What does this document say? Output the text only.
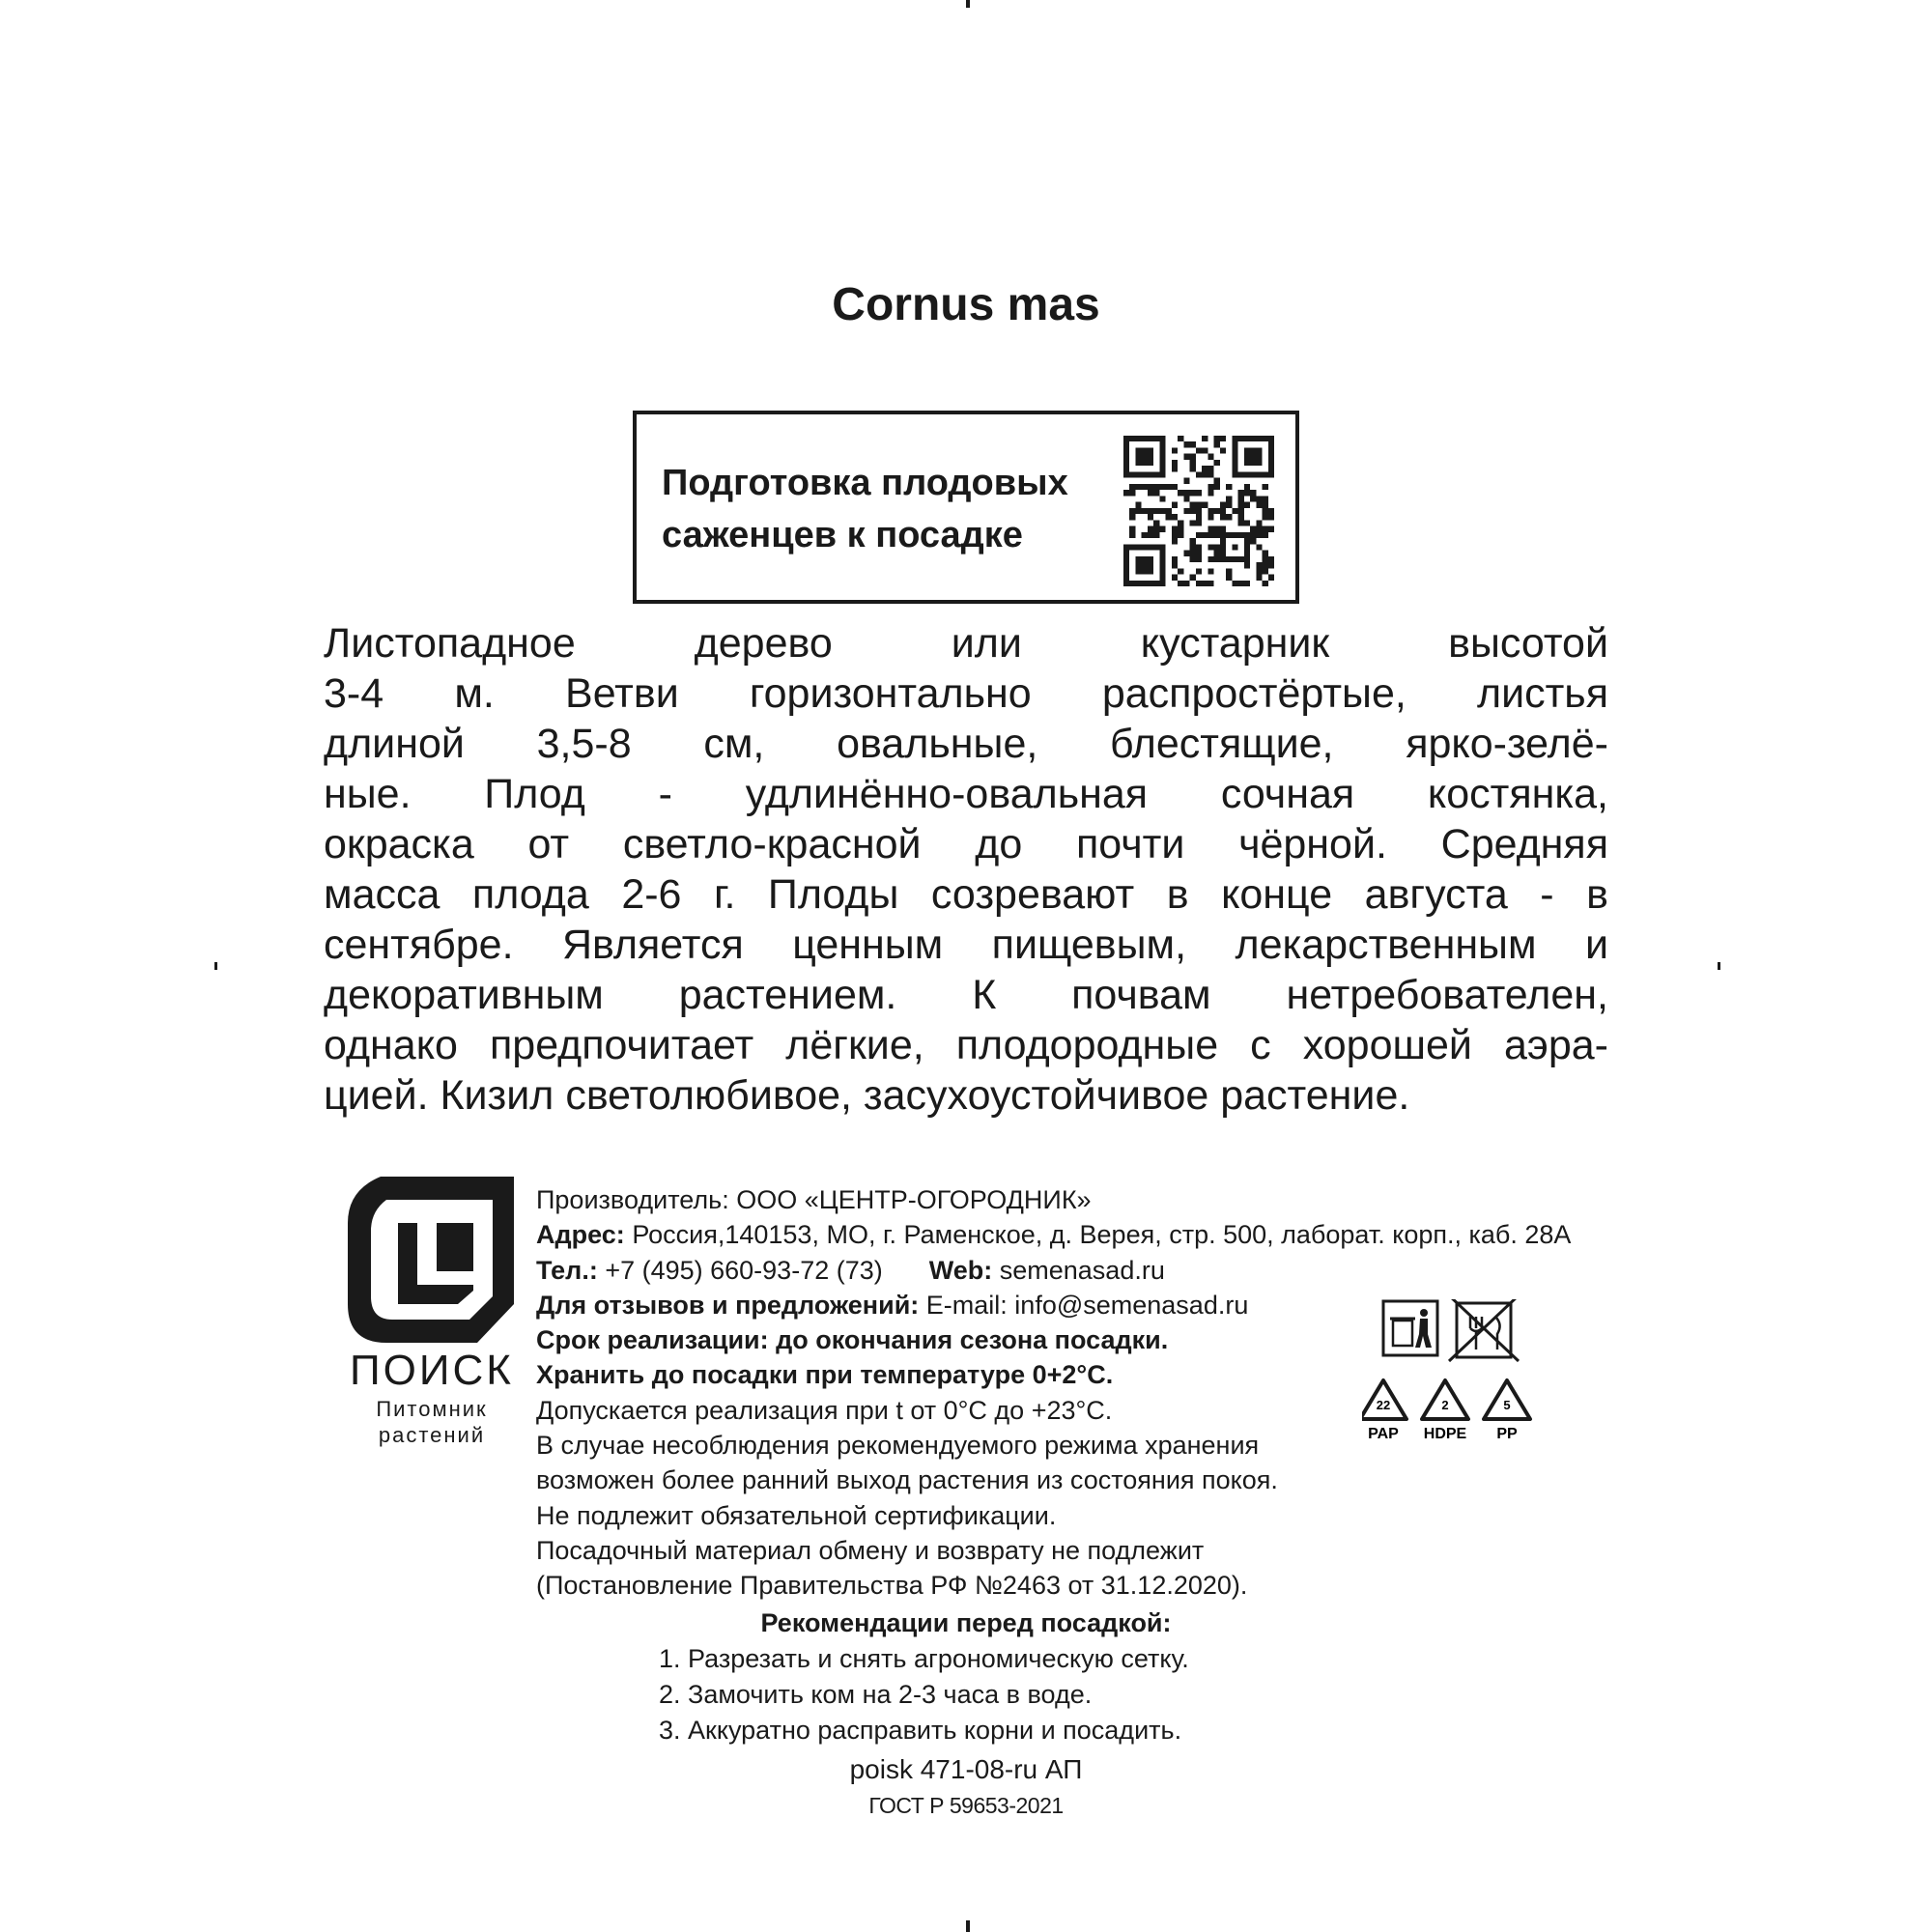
Cornus mas
Подготовка плодовых
саженцев к посадке
Листопадное дерево или кустарник высотой
3-4 м. Ветви горизонтально распростёртые, листья
длиной 3,5-8 см, овальные, блестящие, ярко-зелё-
ные. Плод - удлинённо-овальная сочная костянка,
окраска от светло-красной до почти чёрной. Средняя
масса плода 2-6 г. Плоды созревают в конце августа - в
сентябре. Является ценным пищевым, лекарственным и
декоративным растением. К почвам нетребователен,
однако предпочитает лёгкие, плодородные с хорошей аэра-
цией. Кизил светолюбивое, засухоустойчивое растение.
ПОИСК
Питомник
растений
Производитель: ООО «ЦЕНТР-ОГОРОДНИК»
Адрес: Россия,140153, МО, г. Раменское, д. Верея, стр. 500, лаборат. корп., каб. 28А
Тел.: +7 (495) 660-93-72 (73) Web: semenasad.ru
Для отзывов и предложений: E-mail: info@semenasad.ru
Срок реализации: до окончания сезона посадки.
Хранить до посадки при температуре 0+2°C.
Допускается реализация при t от 0°C до +23°C.
В случае несоблюдения рекомендуемого режима хранения
возможен более ранний выход растения из состояния покоя.
Не подлежит обязательной сертификации.
Посадочный материал обмену и возврату не подлежит
(Постановление Правительства РФ №2463 от 31.12.2020).
22
PAP
2
HDPE
5
PP
Рекомендации перед посадкой:
1. Разрезать и снять агрономическую сетку.
2. Замочить ком на 2-3 часа в воде.
3. Аккуратно расправить корни и посадить.
poisk 471-08-ru АП
ГОСТ Р 59653-2021
